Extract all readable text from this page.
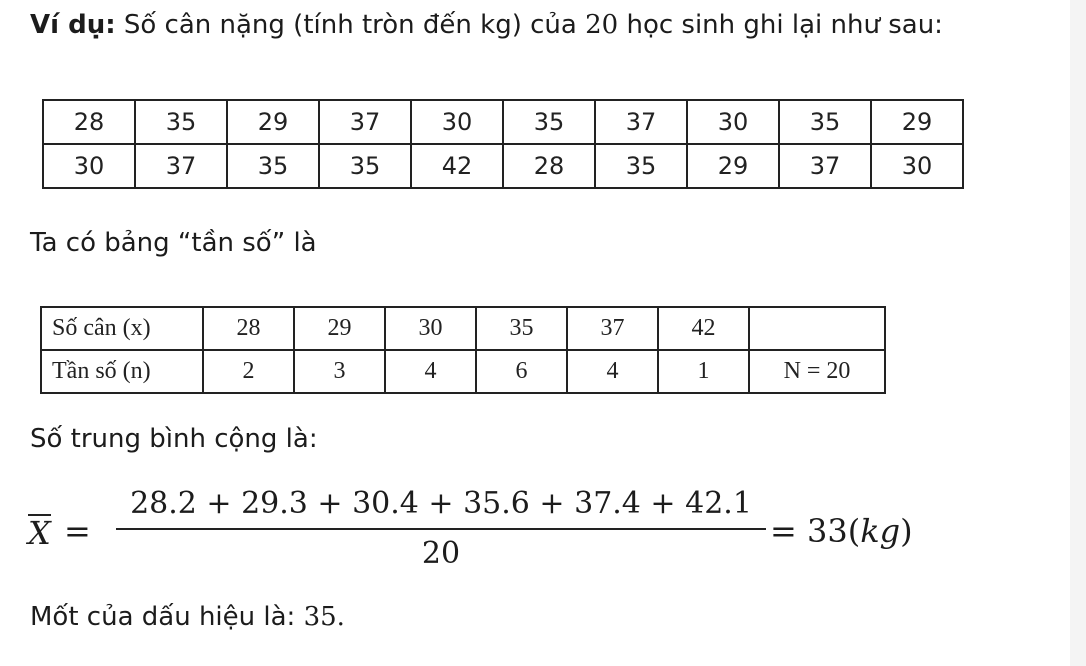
Ví dụ: Số cân nặng (tính tròn đến kg) của 20 học sinh ghi lại như sau:
28	35	29	37	30	35	37	30	35	29
30	37	35	35	42	28	35	29	37	30
Ta có bảng “tần số” là
Số cân (x)	28	29	30	35	37	42	
Tần số (n)	2	3	4	6	4	1	N = 20
Số trung bình cộng là:
X =
28.2 + 29.3 + 30.4 + 35.6 + 37.4 + 42.1
20
= 33(kg)
Mốt của dấu hiệu là: 35.
